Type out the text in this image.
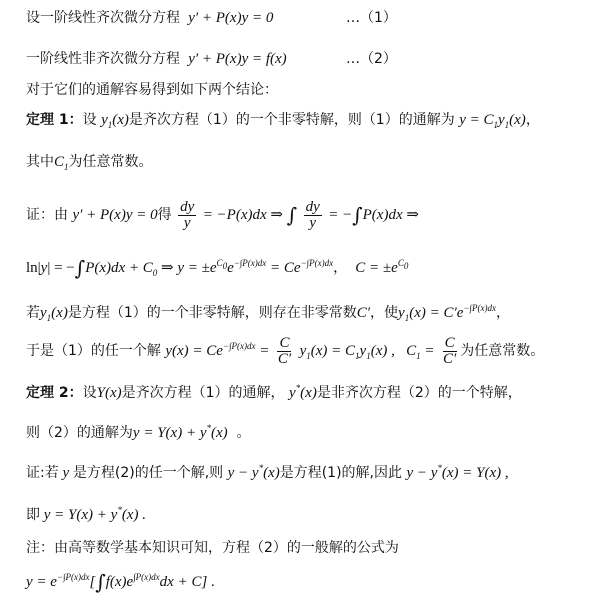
设一阶线性齐次微分方程  y′ + P(x)y = 0	…（1）
一阶线性非齐次微分方程  y′ + P(x)y = f(x)	…（2）
对于它们的通解容易得到如下两个结论：
定理 1：设 $y_1(x)$是齐次方程（1）的一个非零特解，则（1）的通解为 $y = C_1y_1(x)$，
其中$C_1$为任意常数。
证：由 y′ + P(x)y = 0得 $\frac{dy}{y} = -P(x)dx$ ⇒ ∫ $\frac{dy}{y} = -\int P(x)dx$ ⇒
$\ln|y| = -\int P(x)dx + C_0$ ⇒ $y = \pm e^{C_0}e^{-\int P(x)dx} = Ce^{-\int P(x)dx}$，  $C = \pm e^{C_0}$
若$y_1(x)$是方程（1）的一个非零特解，则存在非零常数C′，使$y_1(x) = C'e^{-\int P(x)dx}$，
于是（1）的任一个解 $y(x) = Ce^{-\int P(x)dx} = \frac{C}{C'} y_1(x) = C_1y_1(x)$ ,   $C_1 = \frac{C}{C'}$ 为任意常数。
定理 2：设Y(x)是齐次方程（1）的通解， y*(x)是非齐次方程（2）的一个特解，
则（2）的通解为y = Y(x) + y*(x) 。
证:若 y 是方程(2)的任一个解,则 y − y*(x)是方程(1)的解,因此 y − y*(x) = Y(x) ,
即 y = Y(x) + y*(x) .
注：由高等数学基本知识可知，方程（2）的一般解的公式为
$y = e^{-\int P(x)dx}[\int f(x)e^{\int P(x)dx}dx + C]$ .
